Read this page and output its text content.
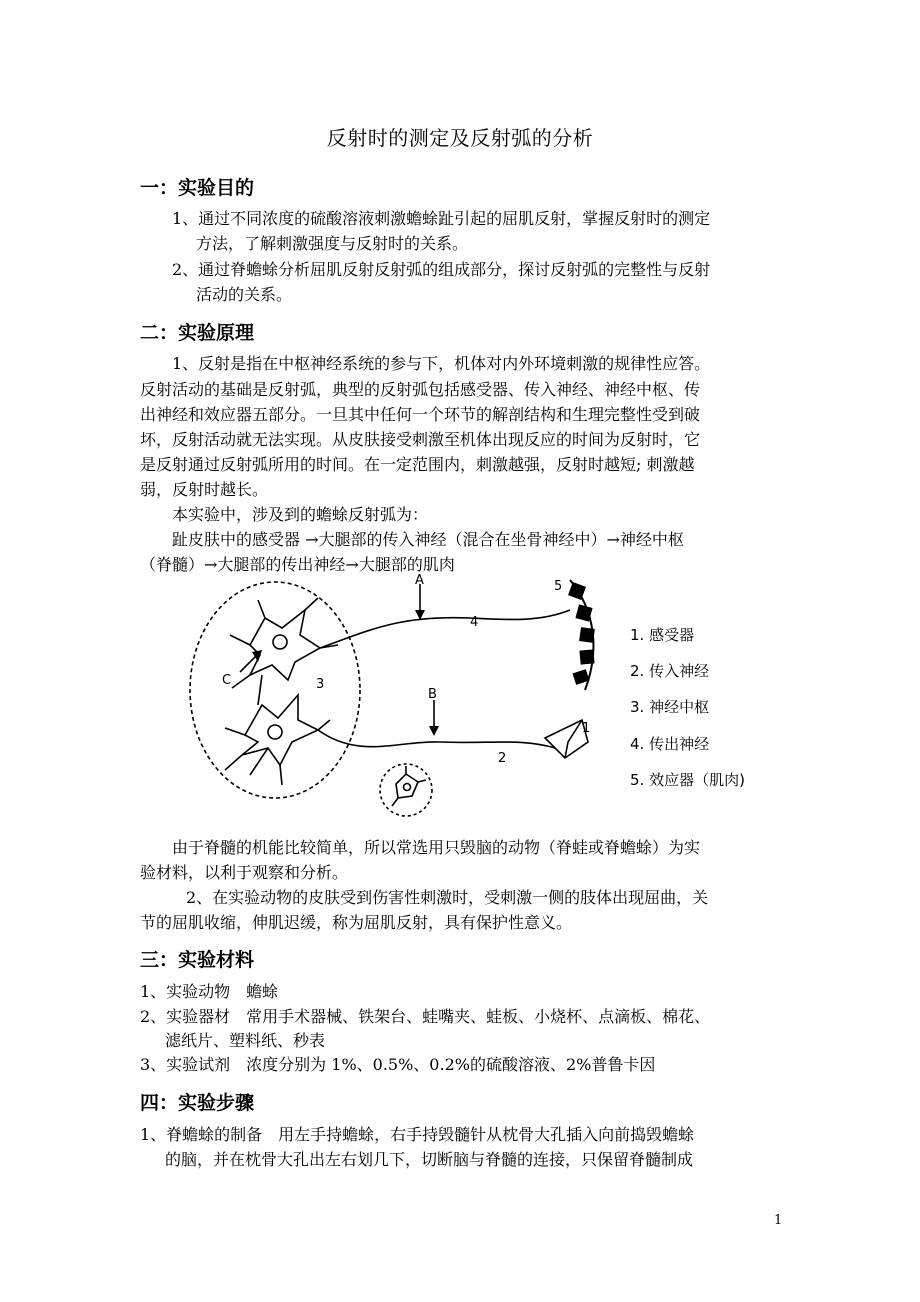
反射时的测定及反射弧的分析
一：实验目的
1、通过不同浓度的硫酸溶液刺激蟾蜍趾引起的屈肌反射，掌握反射时的测定
方法，了解刺激强度与反射时的关系。
2、通过脊蟾蜍分析屈肌反射反射弧的组成部分，探讨反射弧的完整性与反射
活动的关系。
二：实验原理
1、反射是指在中枢神经系统的参与下，机体对内外环境刺激的规律性应答。
反射活动的基础是反射弧，典型的反射弧包括感受器、传入神经、神经中枢、传
出神经和效应器五部分。一旦其中任何一个环节的解剖结构和生理完整性受到破
坏，反射活动就无法实现。从皮肤接受刺激至机体出现反应的时间为反射时，它
是反射通过反射弧所用的时间。在一定范围内，刺激越强，反射时越短; 刺激越
弱，反射时越长。
本实验中，涉及到的蟾蜍反射弧为：
趾皮肤中的感受器 →大腿部的传入神经（混合在坐骨神经中）→神经中枢
（脊髓）→大腿部的传出神经→大腿部的肌肉
A
B
C
1
2
3
4
5
1. 感受器
2. 传入神经
3. 神经中枢
4. 传出神经
5. 效应器（肌肉)
由于脊髓的机能比较简单，所以常选用只毁脑的动物（脊蛙或脊蟾蜍）为实
验材料，以利于观察和分析。
2、在实验动物的皮肤受到伤害性刺激时，受刺激一侧的肢体出现屈曲，关
节的屈肌收缩，伸肌迟缓，称为屈肌反射，具有保护性意义。
三：实验材料
1、实验动物　蟾蜍
2、实验器材　常用手术器械、铁架台、蛙嘴夹、蛙板、小烧杯、点滴板、棉花、
滤纸片、塑料纸、秒表
3、实验试剂　浓度分别为 1%、0.5%、0.2%的硫酸溶液、2%普鲁卡因
四：实验步骤
1、脊蟾蜍的制备　用左手持蟾蜍，右手持毁髓针从枕骨大孔插入向前捣毁蟾蜍
的脑，并在枕骨大孔出左右划几下，切断脑与脊髓的连接，只保留脊髓制成
1
